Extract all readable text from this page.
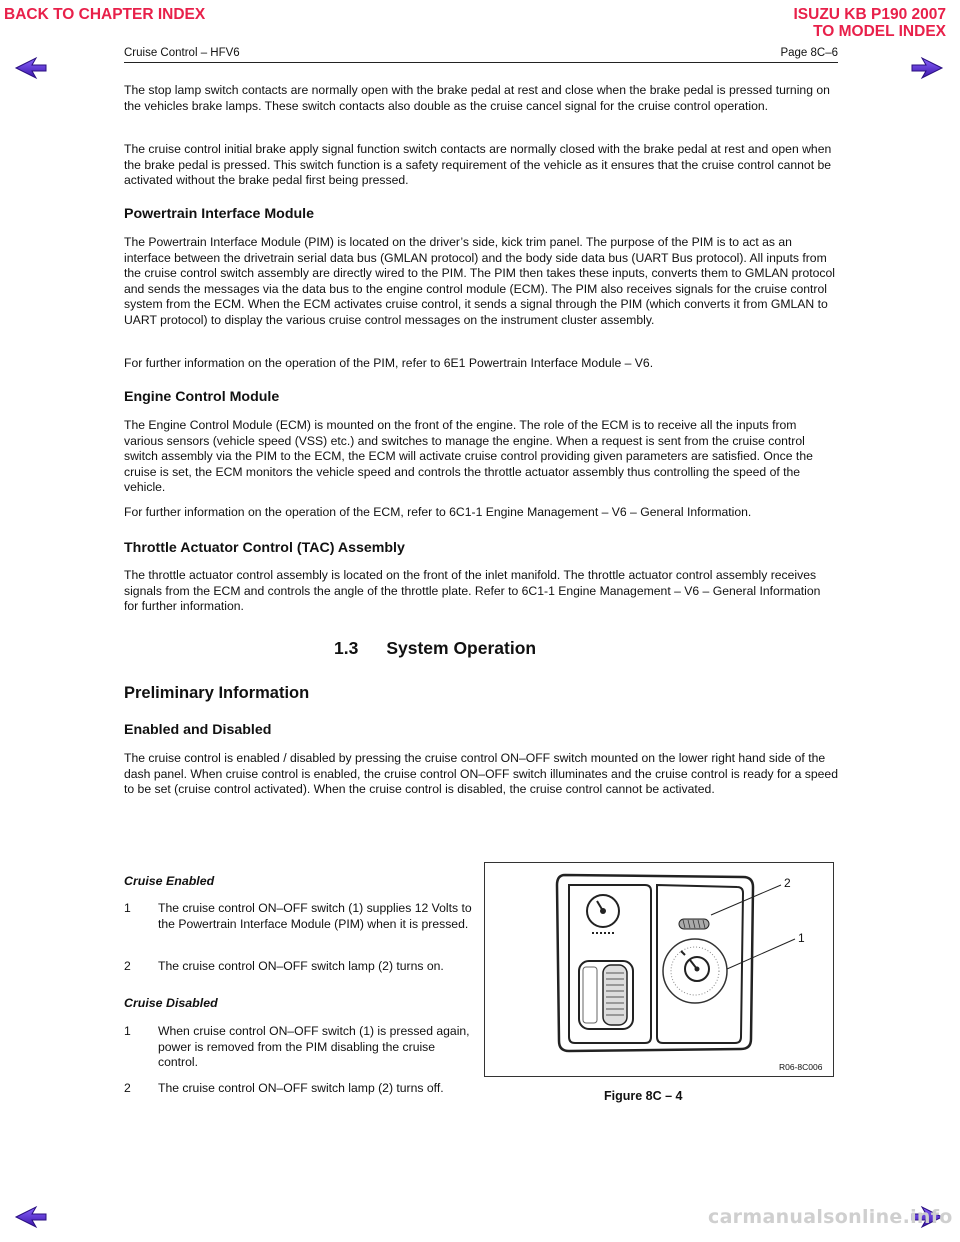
BACK TO CHAPTER INDEX	ISUZU KB P190 2007
TO MODEL INDEX
Cruise Control – HFV6	Page 8C–6

The stop lamp switch contacts are normally open with the brake pedal at rest and close when the brake pedal is pressed turning on the vehicles brake lamps. These switch contacts also double as the cruise cancel signal for the cruise control operation.

The cruise control initial brake apply signal function switch contacts are normally closed with the brake pedal at rest and open when the brake pedal is pressed. This switch function is a safety requirement of the vehicle as it ensures that the cruise control cannot be activated without the brake pedal first being pressed.

Powertrain Interface Module

The Powertrain Interface Module (PIM) is located on the driver’s side, kick trim panel. The purpose of the PIM is to act as an interface between the drivetrain serial data bus (GMLAN protocol) and the body side data bus (UART Bus protocol). All inputs from the cruise control switch assembly are directly wired to the PIM. The PIM then takes these inputs, converts them to GMLAN protocol and sends the messages via the data bus to the engine control module (ECM). The PIM also receives signals for the cruise control system from the ECM. When the ECM activates cruise control, it sends a signal through the PIM (which converts it from GMLAN to UART protocol) to display the various cruise control messages on the instrument cluster assembly.

For further information on the operation of the PIM, refer to 6E1 Powertrain Interface Module – V6.

Engine Control Module

The Engine Control Module (ECM) is mounted on the front of the engine. The role of the ECM is to receive all the inputs from various sensors (vehicle speed (VSS) etc.) and switches to manage the engine. When a request is sent from the cruise control switch assembly via the PIM to the ECM, the ECM will activate cruise control providing given parameters are satisfied. Once the cruise is set, the ECM monitors the vehicle speed and controls the throttle actuator assembly thus controlling the speed of the vehicle.

For further information on the operation of the ECM, refer to 6C1-1 Engine Management – V6 – General Information.

Throttle Actuator Control (TAC) Assembly

The throttle actuator control assembly is located on the front of the inlet manifold. The throttle actuator control assembly receives signals from the ECM and controls the angle of the throttle plate. Refer to 6C1-1 Engine Management – V6 – General Information for further information.

1.3 System Operation
Preliminary Information
Enabled and Disabled

The cruise control is enabled / disabled by pressing the cruise control ON–OFF switch mounted on the lower right hand side of the dash panel. When cruise control is enabled, the cruise control ON–OFF switch illuminates and the cruise control is ready for a speed to be set (cruise control activated). When the cruise control is disabled, the cruise control cannot be activated.

Cruise Enabled
1	The cruise control ON–OFF switch (1) supplies 12 Volts to the Powertrain Interface Module (PIM) when it is pressed.
2	The cruise control ON–OFF switch lamp (2) turns on.
Cruise Disabled
1	When cruise control ON–OFF switch (1) is pressed again, power is removed from the PIM disabling the cruise control.
2	The cruise control ON–OFF switch lamp (2) turns off.
2
1
R06-8C006
Figure 8C – 4
carmanualsonline.info
